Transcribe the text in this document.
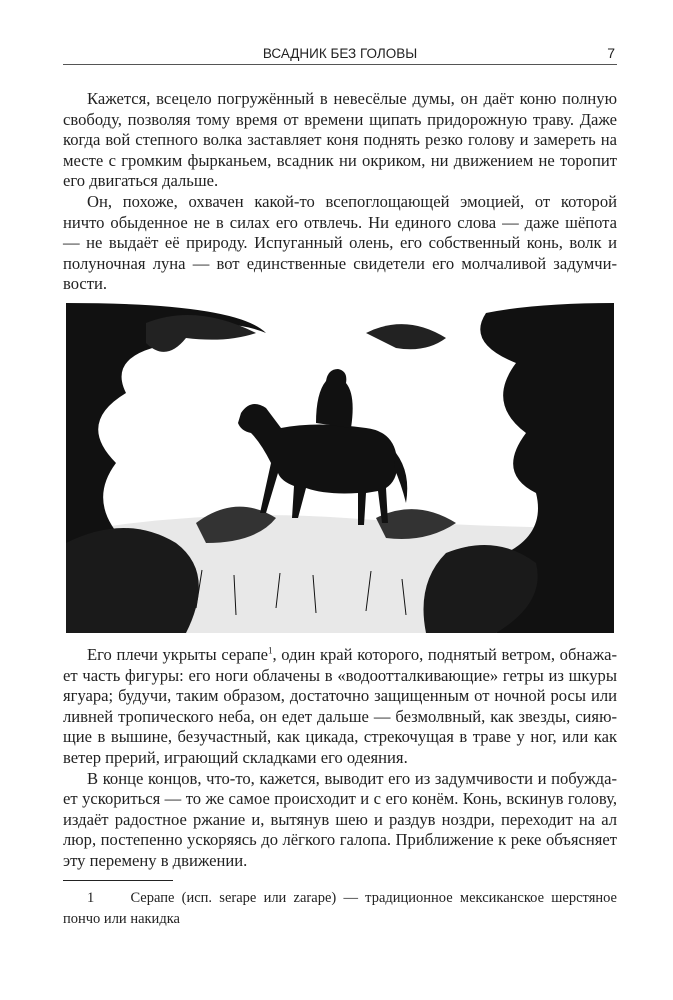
ВСАДНИК БЕЗ ГОЛОВЫ	7
Кажется, всецело погружённый в невесёлые думы, он даёт коню полную
свободу, позволяя тому время от времени щипать придорожную траву. Даже
когда вой степного волка заставляет коня поднять резко голову и замереть на
месте с громким фырканьем, всадник ни окриком, ни движением не торопит
его двигаться дальше.
Он, похоже, охвачен какой-то всепоглощающей эмоцией, от которой
ничто обыденное не в силах его отвлечь. Ни единого слова — даже шёпота
— не выдаёт её природу. Испуганный олень, его собственный конь, волк и
полуночная луна — вот единственные свидетели его молчаливой задумчи-
вости.
Его плечи укрыты серапе$^1$, один край которого, поднятый ветром, обнажа-
ет часть фигуры: его ноги облачены в «водоотталкивающие» гетры из шкуры
ягуара; будучи, таким образом, достаточно защищенным от ночной росы или
ливней тропического неба, он едет дальше — безмолвный, как звезды, сияю-
щие в вышине, безучастный, как цикада, стрекочущая в траве у ног, или как
ветер прерий, играющий складками его одеяния.
В конце концов, что-то, кажется, выводит его из задумчивости и побужда-
ет ускориться — то же самое происходит и с его конём. Конь, вскинув голову,
издаёт радостное ржание и, вытянув шею и раздув ноздри, переходит на ал
люр, постепенно ускоряясь до лёгкого галопа. Приближение к реке объясняет
эту перемену в движении.
1     Серапе (исп. serape или zarape) — традиционное мексиканское шерстяное
пончо или накидка
